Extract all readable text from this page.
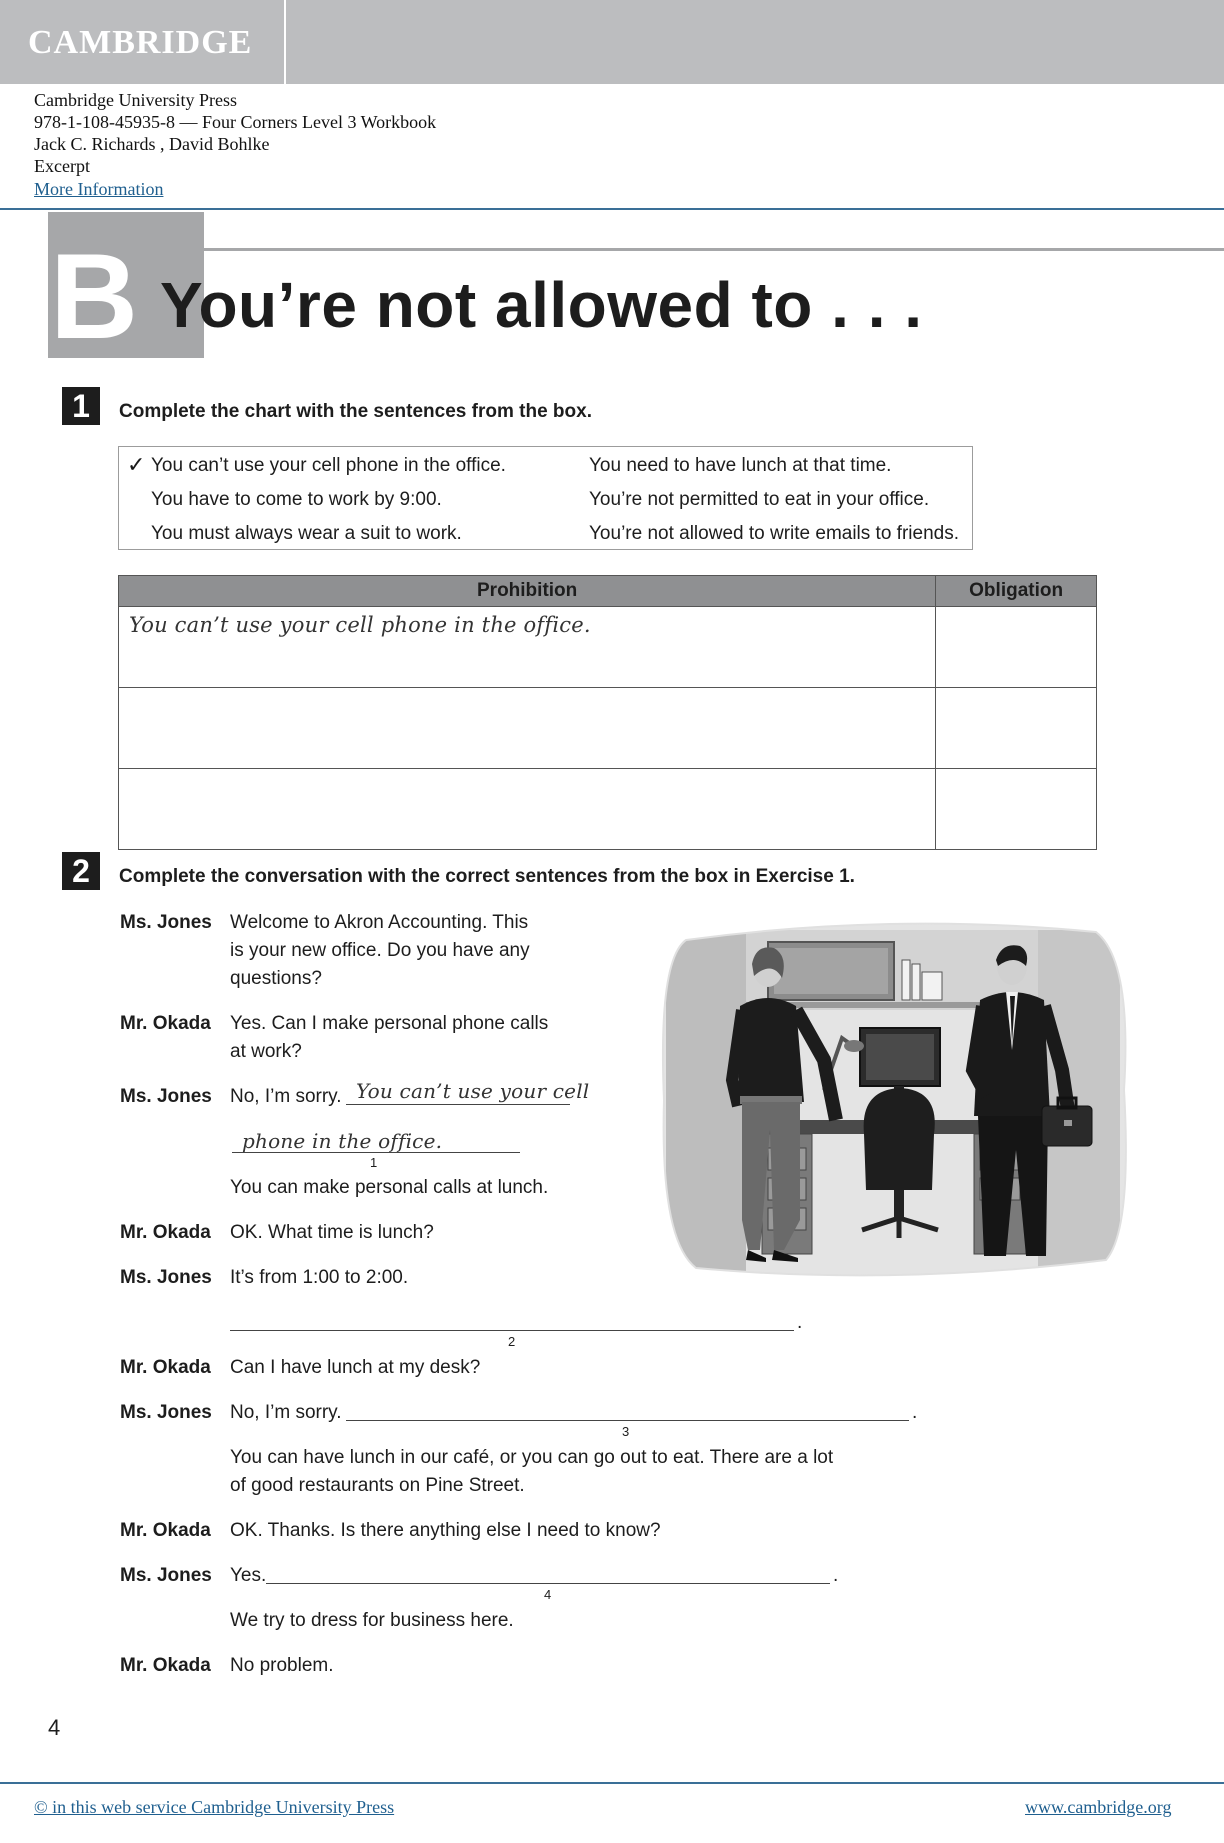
CAMBRIDGE
Cambridge University Press
978-1-108-45935-8 — Four Corners Level 3 Workbook
Jack C. Richards , David Bohlke
Excerpt
More Information
B You’re not allowed to . . .
1	Complete the chart with the sentences from the box.
✓ You can’t use your cell phone in the office.
You have to come to work by 9:00.
You must always wear a suit to work.
You need to have lunch at that time.
You’re not permitted to eat in your office.
You’re not allowed to write emails to friends.
Prohibition	Obligation
You can’t use your cell phone in the office.	

2	Complete the conversation with the correct sentences from the box in Exercise 1.
Ms. Jones Welcome to Akron Accounting. This
is your new office. Do you have any
questions?
Mr. Okada Yes. Can I make personal phone calls
at work?
Ms. Jones No, I’m sorry. You can’t use your cell
phone in the office.
1
You can make personal calls at lunch.
Mr. Okada OK. What time is lunch?
Ms. Jones It’s from 1:00 to 2:00.
.
2
Mr. Okada Can I have lunch at my desk?
Ms. Jones No, I’m sorry.	.
3
You can have lunch in our café, or you can go out to eat. There are a lot
of good restaurants on Pine Street.
Mr. Okada OK. Thanks. Is there anything else I need to know?
Ms. Jones Yes.	.
4
We try to dress for business here.
Mr. Okada No problem.
4
© in this web service Cambridge University Press	www.cambridge.org
